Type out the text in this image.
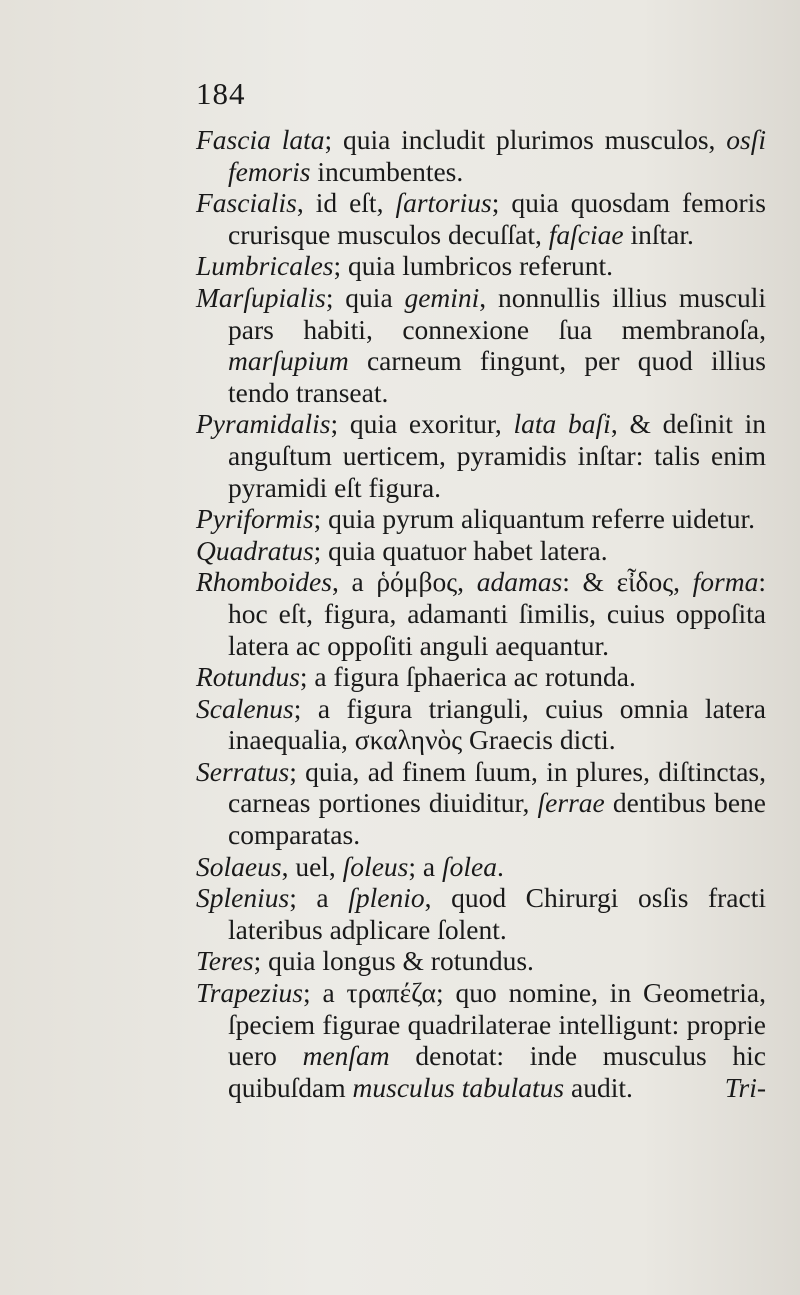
184
Fascia lata; quia includit plurimos musculos, osſi femoris incumbentes.
Fascialis, id eſt, ſartorius; quia quosdam femoris crurisque musculos decuſſat, faſciae inſtar.
Lumbricales; quia lumbricos referunt.
Marſupialis; quia gemini, nonnullis illius musculi pars habiti, connexione ſua membranoſa, marſupium carneum fingunt, per quod illius tendo transeat.
Pyramidalis; quia exoritur, lata baſi, & deſinit in anguſtum uerticem, pyramidis inſtar: talis enim pyramidi eſt figura.
Pyriformis; quia pyrum aliquantum referre uidetur.
Quadratus; quia quatuor habet latera.
Rhomboides, a ῥόμβος, adamas: & εἶδος, forma: hoc eſt, figura, adamanti ſimilis, cuius oppoſita latera ac oppoſiti anguli aequantur.
Rotundus; a figura ſphaerica ac rotunda.
Scalenus; a figura trianguli, cuius omnia latera inaequalia, σκαληνὸς Graecis dicti.
Serratus; quia, ad finem ſuum, in plures, diſtinctas, carneas portiones diuiditur, ſerrae dentibus bene comparatas.
Solaeus, uel, ſoleus; a ſolea.
Splenius; a ſplenio, quod Chirurgi osſis fracti lateribus adplicare ſolent.
Teres; quia longus & rotundus.
Trapezius; a τραπέζα; quo nomine, in Geometria, ſpeciem figurae quadrilaterae intelligunt: proprie uero menſam denotat: inde musculus hic quibuſdam musculus tabulatus audit.	Tri-
